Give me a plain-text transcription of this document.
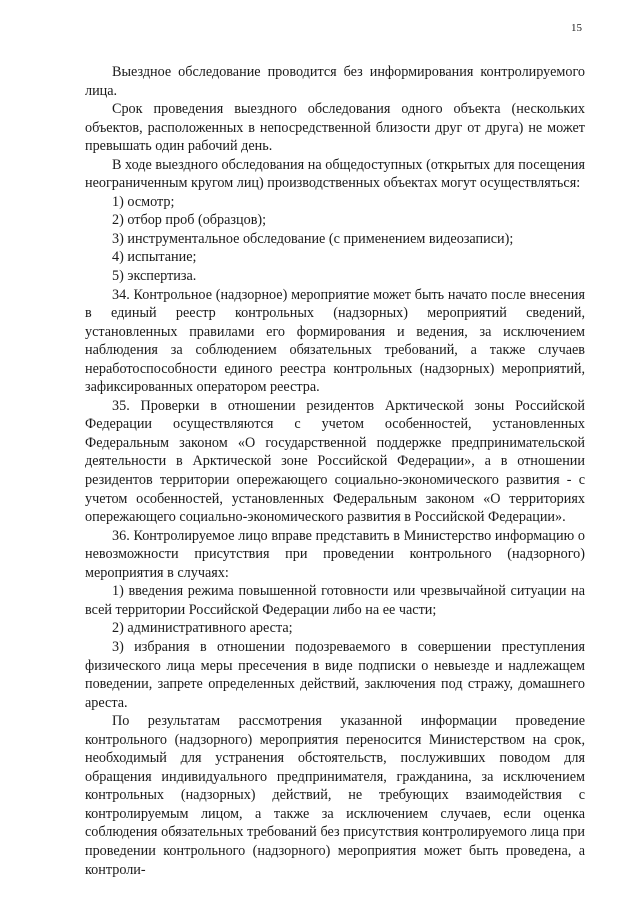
15

Выездное обследование проводится без информирования контролируемого лица.

Срок проведения выездного обследования одного объекта (нескольких объектов, расположенных в непосредственной близости друг от друга) не может превышать один рабочий день.

В ходе выездного обследования на общедоступных (открытых для посещения неограниченным кругом лиц) производственных объектах могут осуществляться:

1) осмотр;

2) отбор проб (образцов);

3) инструментальное обследование (с применением видеозаписи);

4) испытание;

5) экспертиза.

34. Контрольное (надзорное) мероприятие может быть начато после внесения в единый реестр контрольных (надзорных) мероприятий сведений, установленных правилами его формирования и ведения, за исключением наблюдения за соблюдением обязательных требований, а также случаев неработоспособности единого реестра контрольных (надзорных) мероприятий, зафиксированных оператором реестра.

35. Проверки в отношении резидентов Арктической зоны Российской Федерации осуществляются с учетом особенностей, установленных Федеральным законом «О государственной поддержке предпринимательской деятельности в Арктической зоне Российской Федерации», а в отношении резидентов территории опережающего социально-экономического развития - с учетом особенностей, установленных Федеральным законом «О территориях опережающего социально-экономического развития в Российской Федерации».

36. Контролируемое лицо вправе представить в Министерство информацию о невозможности присутствия при проведении контрольного (надзорного) мероприятия в случаях:

1) введения режима повышенной готовности или чрезвычайной ситуации на всей территории Российской Федерации либо на ее части;

2) административного ареста;

3) избрания в отношении подозреваемого в совершении преступления физического лица меры пресечения в виде подписки о невыезде и надлежащем поведении, запрете определенных действий, заключения под стражу, домашнего ареста.

По результатам рассмотрения указанной информации проведение контрольного (надзорного) мероприятия переносится Министерством на срок, необходимый для устранения обстоятельств, послуживших поводом для обращения индивидуального предпринимателя, гражданина, за исключением контрольных (надзорных) действий, не требующих взаимодействия с контролируемым лицом, а также за исключением случаев, если оценка соблюдения обязательных требований без присутствия контролируемого лица при проведении контрольного (надзорного) мероприятия может быть проведена, а контроли-
